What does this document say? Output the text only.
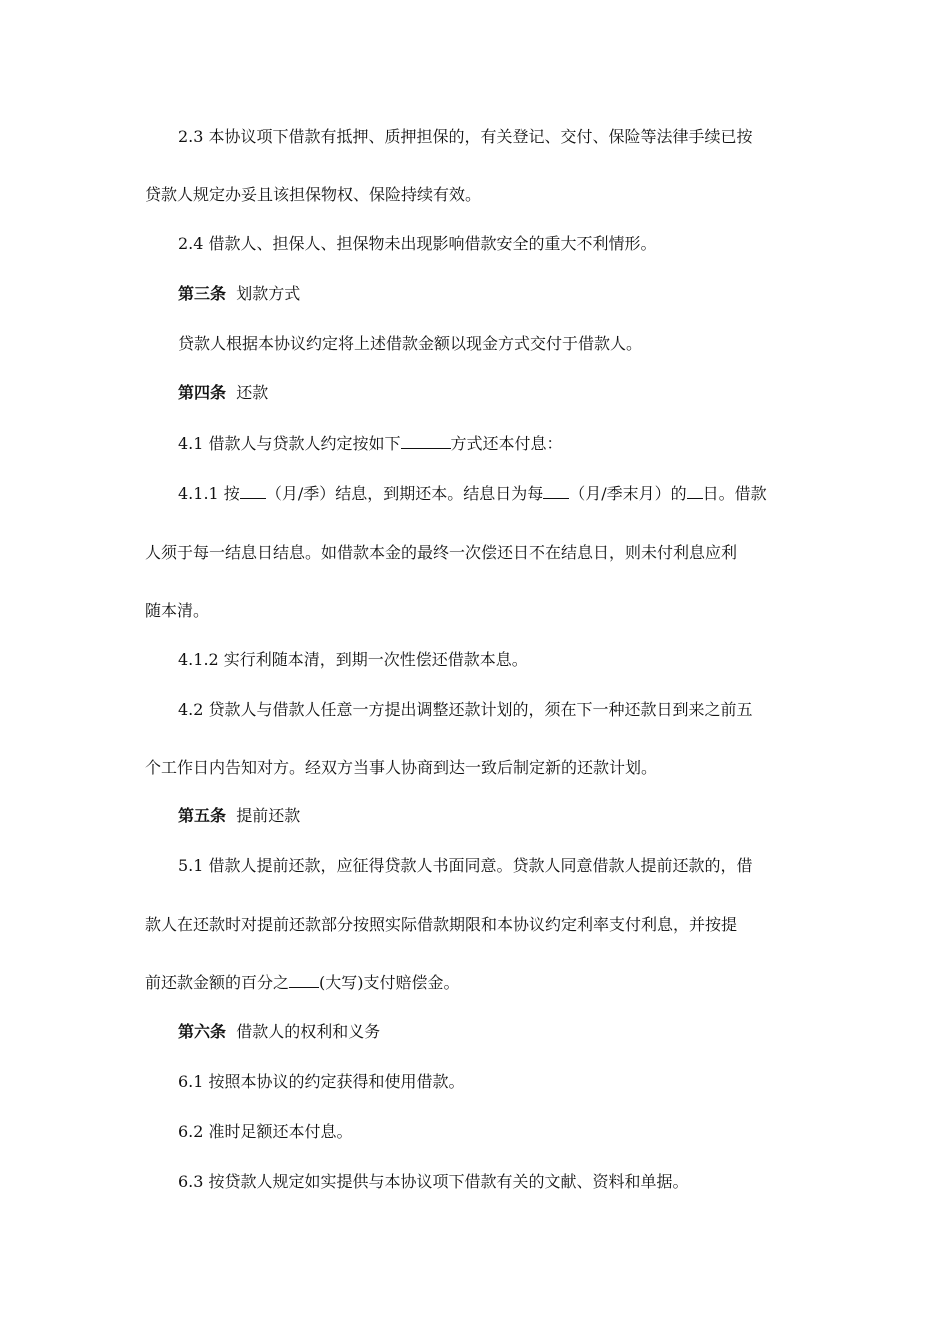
2.3 本协议项下借款有抵押、质押担保的，有关登记、交付、保险等法律手续已按
贷款人规定办妥且该担保物权、保险持续有效。
2.4 借款人、担保人、担保物未出现影响借款安全的重大不利情形。
第三条 划款方式
贷款人根据本协议约定将上述借款金额以现金方式交付于借款人。
第四条 还款
4.1 借款人与贷款人约定按如下	方式还本付息：
4.1.1 按 （月/季）结息，到期还本。结息日为每 （月/季末月）的 日。借款
人须于每一结息日结息。如借款本金的最终一次偿还日不在结息日，则未付利息应利
随本清。
4.1.2 实行利随本清，到期一次性偿还借款本息。
4.2 贷款人与借款人任意一方提出调整还款计划的，须在下一种还款日到来之前五
个工作日内告知对方。经双方当事人协商到达一致后制定新的还款计划。
第五条 提前还款
5.1 借款人提前还款，应征得贷款人书面同意。贷款人同意借款人提前还款的，借
款人在还款时对提前还款部分按照实际借款期限和本协议约定利率支付利息，并按提
前还款金额的百分之 (大写)支付赔偿金。
第六条 借款人的权利和义务
6.1 按照本协议的约定获得和使用借款。
6.2 准时足额还本付息。
6.3 按贷款人规定如实提供与本协议项下借款有关的文献、资料和单据。
